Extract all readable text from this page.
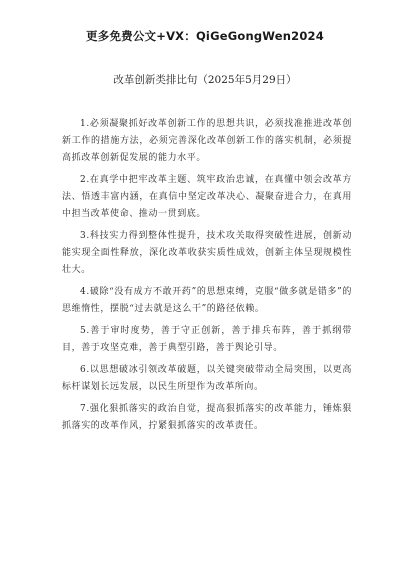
更多免费公文+VX：QiGeGongWen2024
改革创新类排比句（2025年5月29日）

1.必须凝聚抓好改革创新工作的思想共识，必须找准推进改革创新工作的措施方法，必须完善深化改革创新工作的落实机制，必须提高抓改革创新促发展的能力水平。

2.在真学中把牢改革主题、筑牢政治忠诚，在真懂中领会改革方法、悟透丰富内涵，在真信中坚定改革决心、凝聚奋进合力，在真用中担当改革使命、推动一贯到底。

3.科技实力得到整体性提升，技术攻关取得突破性进展，创新动能实现全面性释放，深化改革收获实质性成效，创新主体呈现规模性壮大。

4.破除“没有成方不敢开药”的思想束缚，克服“做多就是错多”的思维惰性，摆脱“过去就是这么干”的路径依赖。

5.善于审时度势，善于守正创新，善于排兵布阵，善于抓纲带目，善于攻坚克难，善于典型引路，善于舆论引导。

6.以思想破冰引领改革破题，以关键突破带动全局突围，以更高标杆谋划长远发展，以民生所望作为改革所向。

7.强化狠抓落实的政治自觉，提高狠抓落实的改革能力，锤炼狠抓落实的改革作风，拧紧狠抓落实的改革责任。
